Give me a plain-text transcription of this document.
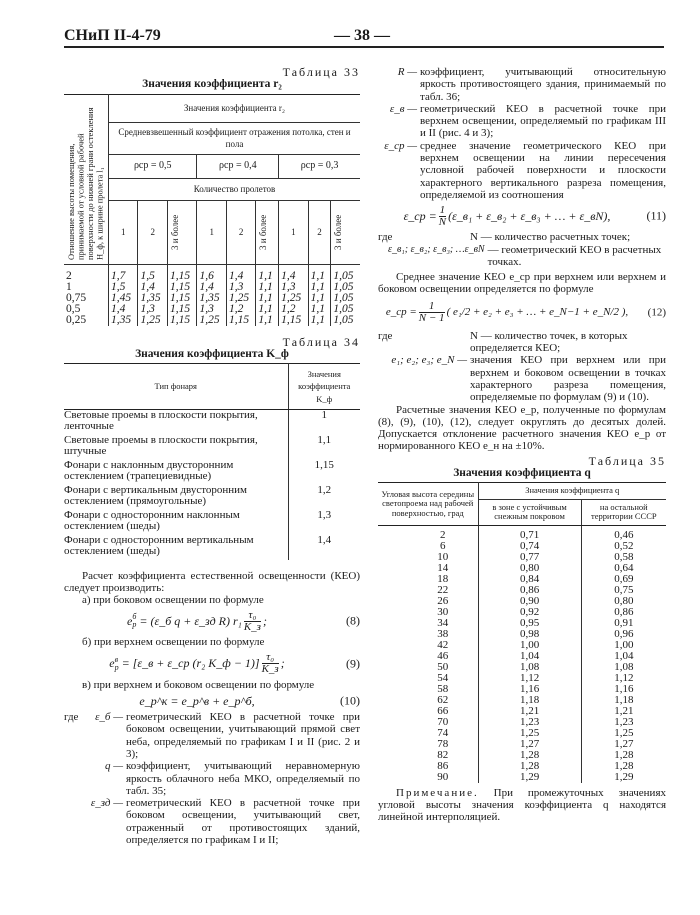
СНиП II-4-79	— 38 —
Таблица 33
Значения коэффициента r₂
Отношение высоты помещения, принимаемой от условной рабочей поверхности до нижней грани остекления H_ф, к ширине пролета l₁	Значения коэффициента r₂								
	Средневзвешенный коэффициент отражения потолка, стен и пола								
	ρср = 0,5			ρср = 0,4			ρср = 0,3		
	Количество пролетов								

	1	2	3 и более	1	2	3 и более	1	2	3 и более

2	1,7	1,5	1,15	1,6	1,4	1,1	1,4	1,1	1,05
1	1,5	1,4	1,15	1,4	1,3	1,1	1,3	1,1	1,05
0,75	1,45	1,35	1,15	1,35	1,25	1,1	1,25	1,1	1,05
0,5	1,4	1,3	1,15	1,3	1,2	1,1	1,2	1,1	1,05
0,25	1,35	1,25	1,15	1,25	1,15	1,1	1,15	1,1	1,05
Таблица 34
Значения коэффициента K_ф
Тип фонаря	Значения коэффициента K_ф
Световые проемы в плоскости покрытия, ленточные	1
Световые проемы в плоскости покрытия, штучные	1,1
Фонари с наклонным двусторонним остеклением (трапециевидные)	1,15
Фонари с вертикальным двусторонним остеклением (прямоугольные)	1,2
Фонари с односторонним наклонным остеклением (шеды)	1,3
Фонари с односторонним вертикальным остеклением (шеды)	1,4
Расчет коэффициента естественной освещенности (КЕО) следует производить:
а) при боковом освещении по формуле
e б
р = (ε_б q + ε_зд R) r₁ τ₀
K_з ;	(8)
б) при верхнем освещении по формуле
e в
р = [ε_в + ε_ср (r₂ K_ф − 1)] τ₀
K_з ;	(9)
в) при верхнем и боковом освещении по формуле
e_р^к = e_р^в + e_р^б,	(10)
где	ε_б — геометрический КЕО в расчетной точке при боковом освещении, учитывающий прямой свет неба, определяемый по графикам I и II (рис. 2 и 3);
q — коэффициент, учитывающий неравномерную яркость облачного неба МКО, определяемый по табл. 35;
ε_зд — геометрический КЕО в расчетной точке при боковом освещении, учитывающий свет, отраженный от противостоящих зданий, определяется по графикам I и II;
R — коэффициент, учитывающий относительную яркость противостоящего здания, принимаемый по табл. 36;
ε_в — геометрический КЕО в расчетной точке при верхнем освещении, определяемый по графикам III и II (рис. 4 и 3);
ε_ср — среднее значение геометрического КЕО при верхнем освещении на линии пересечения условной рабочей поверхности и плоскости характерного вертикального разреза помещения, определяемой из соотношения
ε_ср = $\frac{1}{N}$ (ε_в₁ + ε_в₂ + ε_в₃ + … + ε_вN),	(11)
где	N — количество расчетных точек;
ε_в₁; ε_в₂; ε_в₃; …ε_вN — геометрический КЕО в расчетных точках.
Среднее значение КЕО e_ср при верхнем или верхнем и боковом освещении определяется по формуле
e_ср = $\frac{1}{N - 1}$ ( e₁/2 + e₂ + e₃ + … + e_N−1 + e_N/2 ), (12)
где	N — количество точек, в которых определяется КЕО;
e₁; e₂; e₃; e_N — значения КЕО при верхнем или при верхнем и боковом освещении в точках характерного разреза помещения, определяемые по формулам (9) и (10).
Расчетные значения КЕО e_р, полученные по формулам (8), (9), (10), (12), следует округлять до десятых долей. Допускается отклонение расчетного значения КЕО e_р от нормированного КЕО e_н на ±10%.
Таблица 35
Значения коэффициента q
Угловая высота середины светопроема над рабочей поверхностью, град	Значения коэффициента q	
	в зоне с устойчивым снежным покровом	на остальной территории СССР
2	0,71	0,46
6	0,74	0,52
10	0,77	0,58
14	0,80	0,64
18	0,84	0,69
22	0,86	0,75
26	0,90	0,80
30	0,92	0,86
34	0,95	0,91
38	0,98	0,96
42	1,00	1,00
46	1,04	1,04
50	1,08	1,08
54	1,12	1,12
58	1,16	1,16
62	1,18	1,18
66	1,21	1,21
70	1,23	1,23
74	1,25	1,25
78	1,27	1,27
82	1,28	1,28
86	1,28	1,28
90	1,29	1,29
Примечание. При промежуточных значениях угловой высоты значения коэффициента q находятся линейной интерполяцией.
